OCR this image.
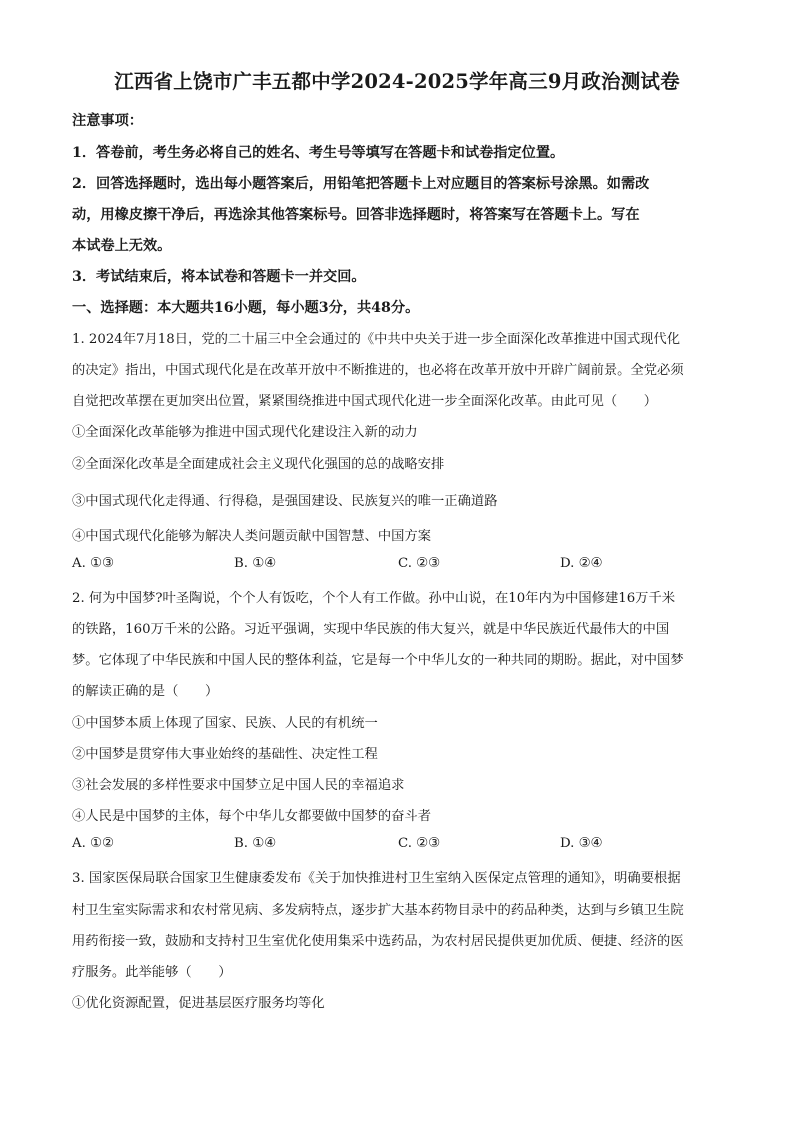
江西省上饶市广丰五都中学2024-2025学年高三9月政治测试卷
注意事项：
1．答卷前，考生务必将自己的姓名、考生号等填写在答题卡和试卷指定位置。
2．回答选择题时，选出每小题答案后，用铅笔把答题卡上对应题目的答案标号涂黑。如需改
动，用橡皮擦干净后，再选涂其他答案标号。回答非选择题时，将答案写在答题卡上。写在
本试卷上无效。
3．考试结束后，将本试卷和答题卡一并交回。
一、选择题：本大题共16小题，每小题3分，共48分。
1. 2024年7月18日，党的二十届三中全会通过的《中共中央关于进一步全面深化改革推进中国式现代化
的决定》指出，中国式现代化是在改革开放中不断推进的，也必将在改革开放中开辟广阔前景。全党必须
自觉把改革摆在更加突出位置，紧紧围绕推进中国式现代化进一步全面深化改革。由此可见（　　）
①全面深化改革能够为推进中国式现代化建设注入新的动力
②全面深化改革是全面建成社会主义现代化强国的总的战略安排
③中国式现代化走得通、行得稳，是强国建设、民族复兴的唯一正确道路
④中国式现代化能够为解决人类问题贡献中国智慧、中国方案
A. ①③	B. ①④	C. ②③	D. ②④
2. 何为中国梦?叶圣陶说，个个人有饭吃，个个人有工作做。孙中山说，在10年内为中国修建16万千米
的铁路，160万千米的公路。习近平强调，实现中华民族的伟大复兴，就是中华民族近代最伟大的中国
梦。它体现了中华民族和中国人民的整体利益，它是每一个中华儿女的一种共同的期盼。据此，对中国梦
的解读正确的是（　　）
①中国梦本质上体现了国家、民族、人民的有机统一
②中国梦是贯穿伟大事业始终的基础性、决定性工程
③社会发展的多样性要求中国梦立足中国人民的幸福追求
④人民是中国梦的主体，每个中华儿女都要做中国梦的奋斗者
A. ①②	B. ①④	C. ②③	D. ③④
3. 国家医保局联合国家卫生健康委发布《关于加快推进村卫生室纳入医保定点管理的通知》，明确要根据
村卫生室实际需求和农村常见病、多发病特点，逐步扩大基本药物目录中的药品种类，达到与乡镇卫生院
用药衔接一致，鼓励和支持村卫生室优化使用集采中选药品，为农村居民提供更加优质、便捷、经济的医
疗服务。此举能够（　　）
①优化资源配置，促进基层医疗服务均等化
